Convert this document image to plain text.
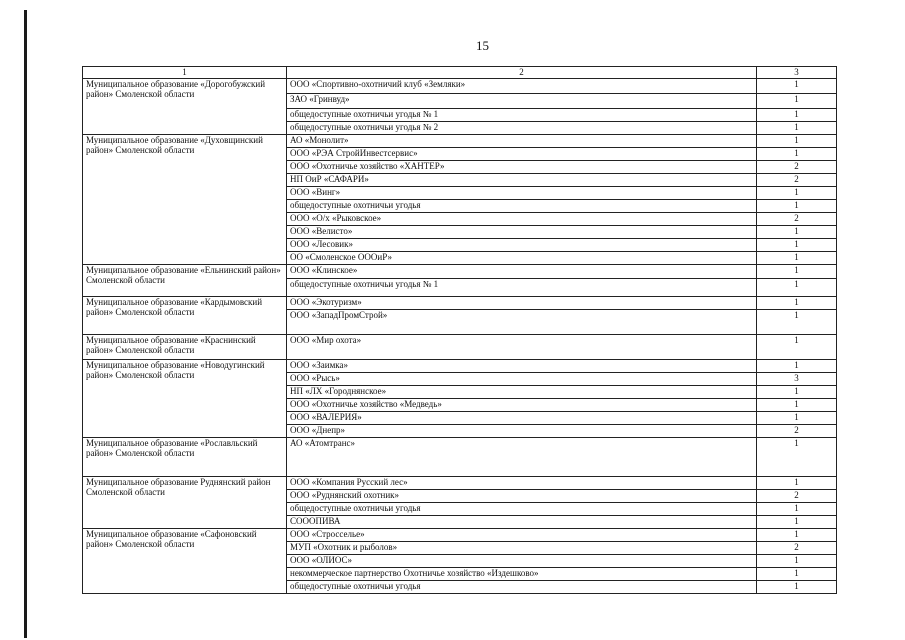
15
1	2	3
Муниципальное образование «Дорогобужский район» Смоленской области	ООО «Спортивно-охотничий клуб «Земляки»	1
	ЗАО «Гринвуд»	1
	общедоступные охотничьи угодья № 1	1
	общедоступные охотничьи угодья № 2	1
Муниципальное образование «Духовщинский район» Смоленской области	АО «Монолит»	1
	ООО «РЭА СтройИнвестсервис»	1
	ООО «Охотничье хозяйство «ХАНТЕР»	2
	НП ОиР «САФАРИ»	2
	ООО «Винг»	1
	общедоступные охотничьи угодья	1
	ООО «О/х «Рыковское»	2
	ООО «Велисто»	1
	ООО «Лесовик»	1
	ОО «Смоленское ОООиР»	1
Муниципальное образование «Ельнинский район» Смоленской области	ООО «Клинское»	1
	общедоступные охотничьи угодья № 1	1
Муниципальное образование «Кардымовский район» Смоленской области	ООО «Экотуризм»	1
	ООО «ЗападПромСтрой»	1
Муниципальное образование «Краснинский район» Смоленской области	ООО «Мир охота»	1
Муниципальное образование «Новодугинский район» Смоленской области	ООО «Заимка»	1
	ООО «Рысь»	3
	НП «ЛХ «Городнянское»	1
	ООО «Охотничье хозяйство «Медведь»	1
	ООО «ВАЛЕРИЯ»	1
	ООО «Днепр»	2
Муниципальное образование «Рославльский район» Смоленской области	АО «Атомтранс»	1
Муниципальное образование Руднянский район Смоленской области	ООО «Компания Русский лес»	1
	ООО «Руднянский охотник»	2
	общедоступные охотничьи угодья	1
	СОООПИВА	1
Муниципальное образование «Сафоновский район» Смоленской области	ООО «Стросселье»	1
	МУП «Охотник и рыболов»	2
	ООО «ОЛИОС»	1
	некоммерческое партнерство Охотничье хозяйство «Издешково»	1
	общедоступные охотничьи угодья	1
